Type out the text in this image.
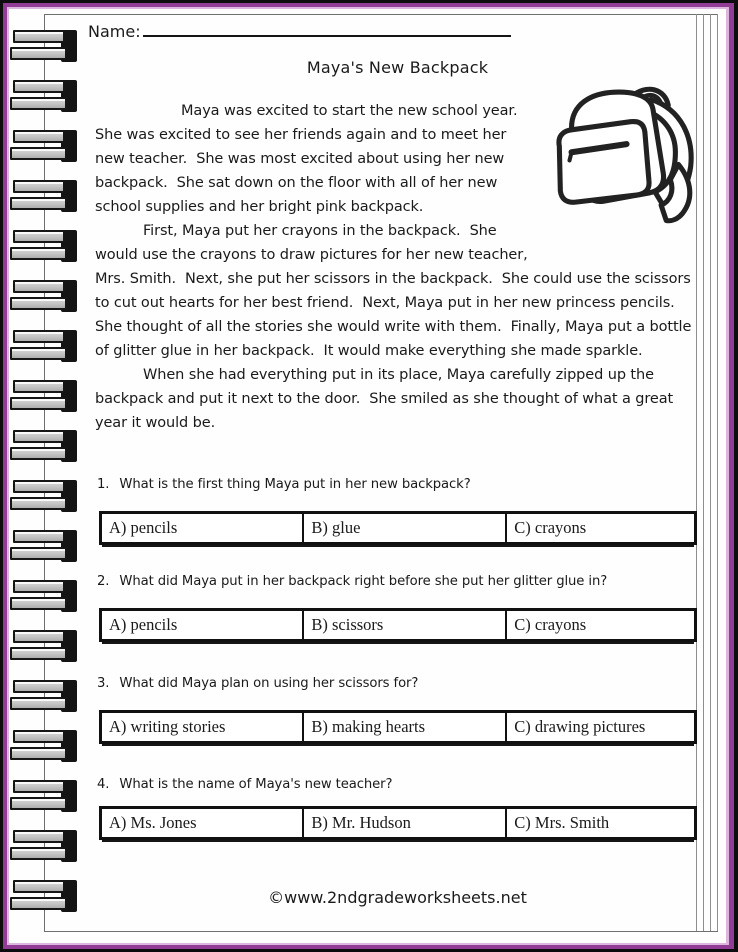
Name:
Maya's New Backpack

Maya was excited to start the new school year.  She was excited to see her friends again and to meet her new teacher.  She was most excited about using her new backpack.  She sat down on the floor with all of her new school supplies and her bright pink backpack.

First, Maya put her crayons in the backpack.  She would use the crayons to draw pictures for her new teacher, Mrs. Smith.  Next, she put her scissors in the backpack.  She could use the scissors to cut out hearts for her best friend.  Next, Maya put in her new princess pencils.  She thought of all the stories she would write with them.  Finally, Maya put a bottle of glitter glue in her backpack.  It would make everything she made sparkle.

When she had everything put in its place, Maya carefully zipped up the backpack and put it next to the door.  She smiled as she thought of what a great year it would be.

1. What is the first thing Maya put in her new backpack?
A) pencils	B) glue	C) crayons
2. What did Maya put in her backpack right before she put her glitter glue in?
A) pencils	B) scissors	C) crayons
3. What did Maya plan on using her scissors for?
A) writing stories	B) making hearts	C) drawing pictures
4. What is the name of Maya's new teacher?
A) Ms. Jones	B) Mr. Hudson	C) Mrs. Smith
©www.2ndgradeworksheets.net
